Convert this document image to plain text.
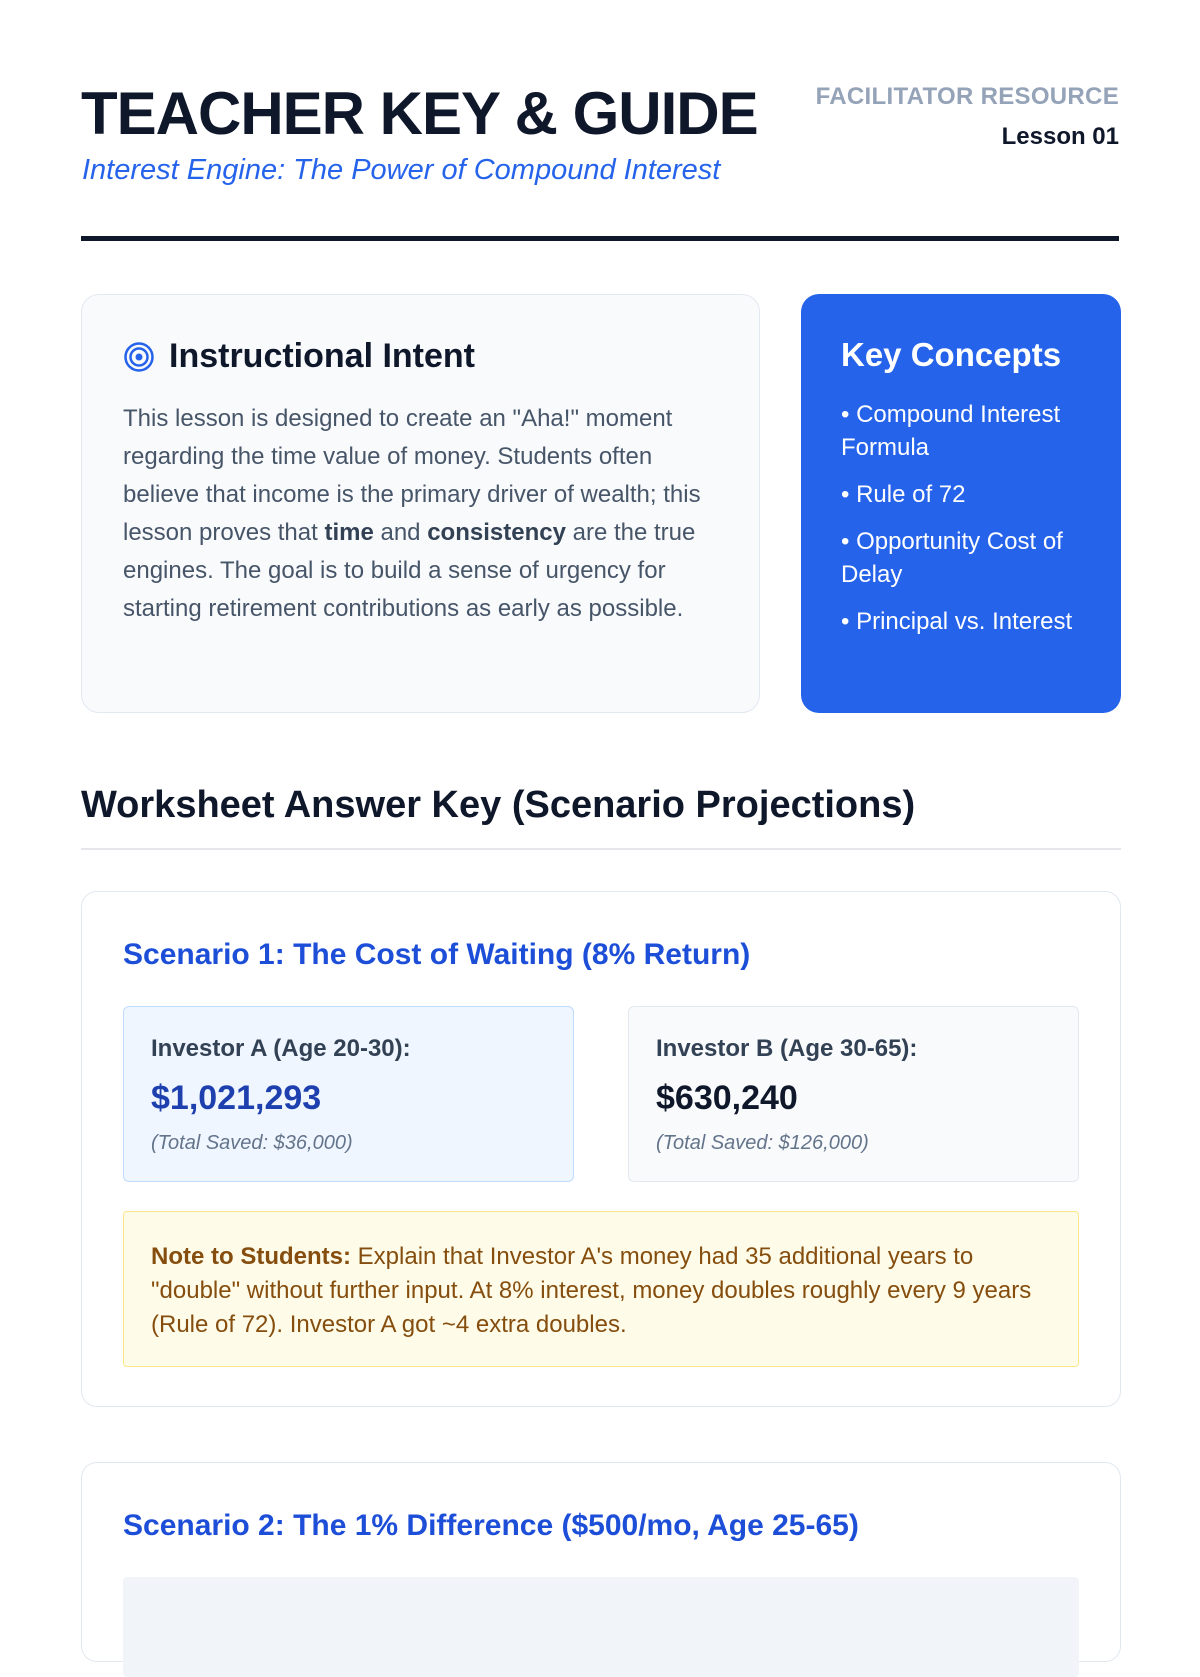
TEACHER KEY & GUIDE
Interest Engine: The Power of Compound Interest
FACILITATOR RESOURCE
Lesson 01
Instructional Intent

This lesson is designed to create an "Aha!" moment regarding the time value of money. Students often believe that income is the primary driver of wealth; this lesson proves that time and consistency are the true engines. The goal is to build a sense of urgency for starting retirement contributions as early as possible.

Key Concepts
• Compound Interest Formula
• Rule of 72
• Opportunity Cost of Delay
• Principal vs. Interest
Worksheet Answer Key (Scenario Projections)
Scenario 1: The Cost of Waiting (8% Return)
Investor A (Age 20-30):
$1,021,293
(Total Saved: $36,000)
Investor B (Age 30-65):
$630,240
(Total Saved: $126,000)
Note to Students: Explain that Investor A's money had 35 additional years to "double" without further input. At 8% interest, money doubles roughly every 9 years (Rule of 72). Investor A got ~4 extra doubles.
Scenario 2: The 1% Difference ($500/mo, Age 25-65)
